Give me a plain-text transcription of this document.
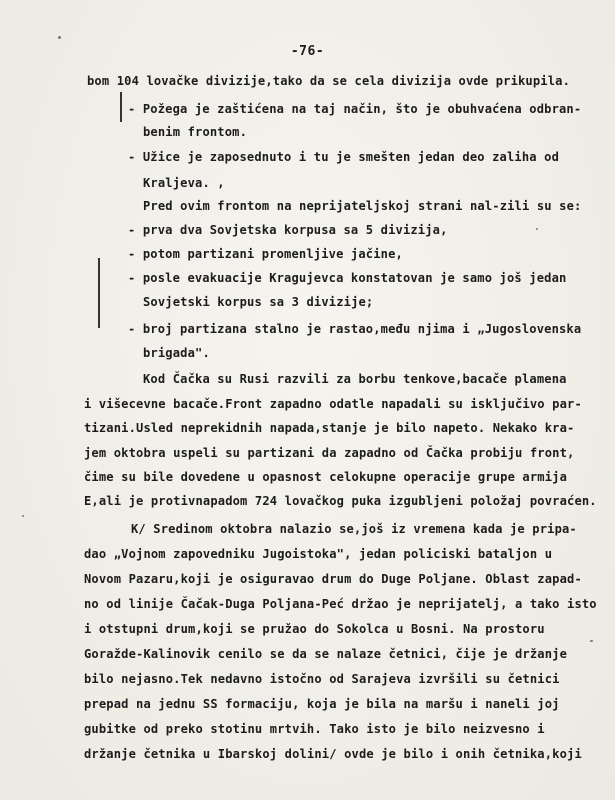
-76-
bom 104 lovačke divizije,tako da se cela divizija ovde prikupila.
- Požega je zaštićena na taj način, što je obuhvaćena odbran-
benim frontom.
- Užice je zaposednuto i tu je smešten jedan deo zaliha od
Kraljeva. ,
Pred ovim frontom na neprijateljskoj strani nal-zili su se:
- prva dva Sovjetska korpusa sa 5 divizija,
- potom partizani promenljive jačine,
- posle evakuacije Kragujevca konstatovan je samo još jedan
Sovjetski korpus sa 3 divizije;
- broj partizana stalno je rastao,među njima i „Jugoslovenska
brigada".
Kod Čačka su Rusi razvili za borbu tenkove,bacače plamena
i višecevne bacače.Front zapadno odatle napadali su isključivo par-
tizani.Usled neprekidnih napada,stanje je bilo napeto. Nekako kra-
jem oktobra uspeli su partizani da zapadno od Čačka probiju front,
čime su bile dovedene u opasnost celokupne operacije grupe armija
E,ali je protivnapadom 724 lovačkog puka izgubljeni položaj povraćen.
K/ Sredinom oktobra nalazio se,još iz vremena kada je pripa-
dao „Vojnom zapovedniku Jugoistoka", jedan policiski bataljon u
Novom Pazaru,koji je osiguravao drum do Duge Poljane. Oblast zapad-
no od linije Čačak-Duga Poljana-Peć držao je neprijatelj, a tako isto
i otstupni drum,koji se pružao do Sokolca u Bosni. Na prostoru
Goražde-Kalinovik cenilo se da se nalaze četnici, čije je držanje
bilo nejasno.Tek nedavno istočno od Sarajeva izvršili su četnici
prepad na jednu SS formaciju, koja je bila na maršu i naneli joj
gubitke od preko stotinu mrtvih. Tako isto je bilo neizvesno i
držanje četnika u Ibarskoj dolini/ ovde je bilo i onih četnika,koji
